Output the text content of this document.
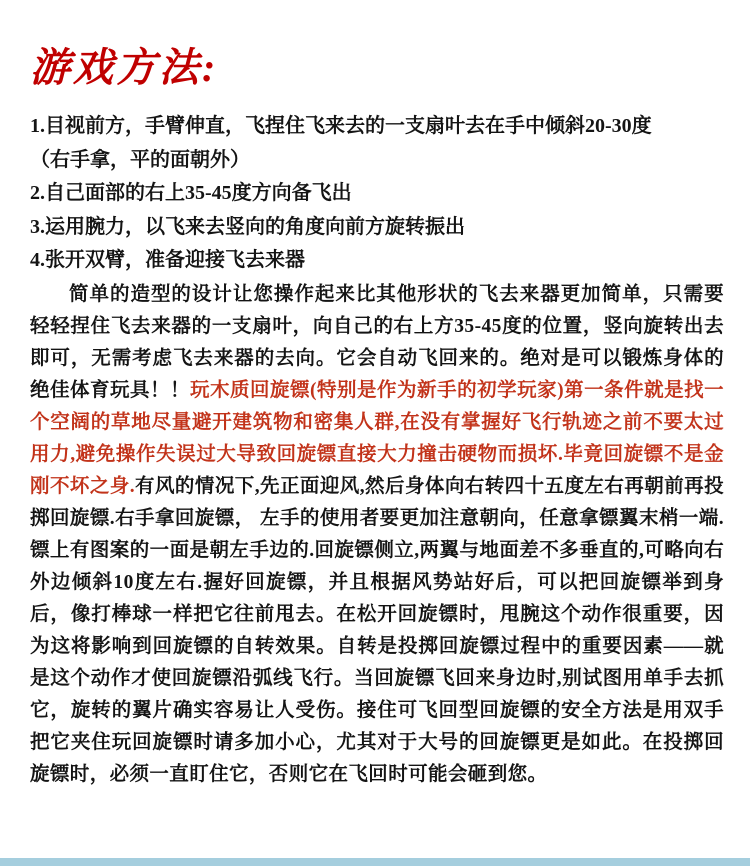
游戏方法:

1.目视前方，手臂伸直，飞捏住飞来去的一支扇叶去在手中倾斜20-30度

（右手拿，平的面朝外）

2.自己面部的右上35-45度方向备飞出

3.运用腕力，以飞来去竖向的角度向前方旋转振出

4.张开双臂，准备迎接飞去来器

简单的造型的设计让您操作起来比其他形状的飞去来器更加简单，只需要轻轻捏住飞去来器的一支扇叶，向自己的右上方35-45度的位置，竖向旋转出去即可，无需考虑飞去来器的去向。它会自动飞回来的。绝对是可以锻炼身体的绝佳体育玩具！！玩木质回旋镖(特别是作为新手的初学玩家)第一条件就是找一个空阔的草地尽量避开建筑物和密集人群,在没有掌握好飞行轨迹之前不要太过用力,避免操作失误过大导致回旋镖直接大力撞击硬物而损坏.毕竟回旋镖不是金刚不坏之身.有风的情况下,先正面迎风,然后身体向右转四十五度左右再朝前再投掷回旋镖.右手拿回旋镖， 左手的使用者要更加注意朝向，任意拿镖翼末梢一端.镖上有图案的一面是朝左手边的.回旋镖侧立,两翼与地面差不多垂直的,可略向右外边倾斜10度左右.握好回旋镖，并且根据风势站好后，可以把回旋镖举到身后，像打棒球一样把它往前甩去。在松开回旋镖时，甩腕这个动作很重要，因为这将影响到回旋镖的自转效果。自转是投掷回旋镖过程中的重要因素——就是这个动作才使回旋镖沿弧线飞行。当回旋镖飞回来身边时,别试图用单手去抓它，旋转的翼片确实容易让人受伤。接住可飞回型回旋镖的安全方法是用双手把它夹住玩回旋镖时请多加小心，尤其对于大号的回旋镖更是如此。在投掷回旋镖时，必须一直盯住它，否则它在飞回时可能会砸到您。
